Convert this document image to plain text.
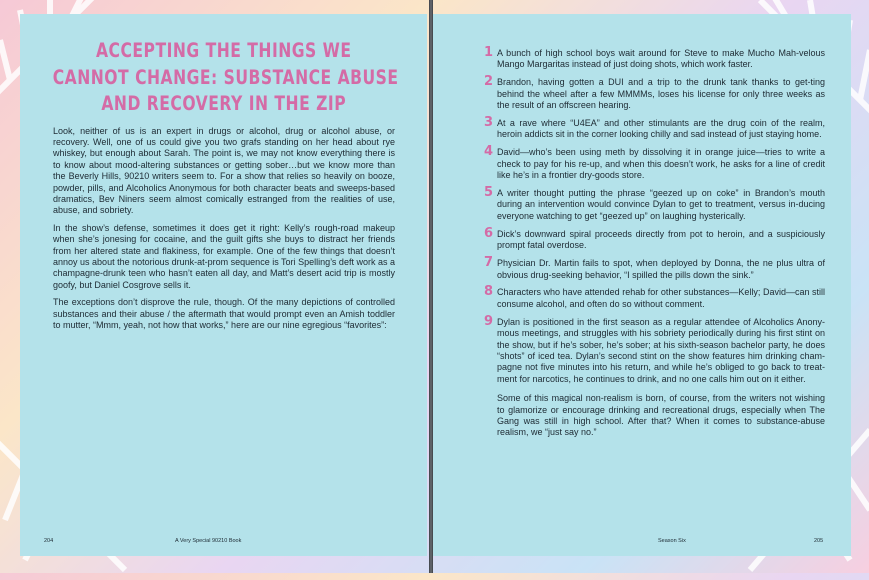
ACCEPTING THE THINGS WE
CANNOT CHANGE: SUBSTANCE ABUSE
AND RECOVERY IN THE ZIP

Look, neither of us is an expert in drugs or alcohol, drug or alcohol abuse, or recovery. Well, one of us could give you two grafs standing on her head about rye whiskey, but enough about Sarah. The point is, we may not know everything there is to know about mood-altering substances or getting sober…but we know more than the Beverly Hills, 90210 writers seem to. For a show that relies so heavily on booze, powder, pills, and Alcoholics Anonymous for both character beats and sweeps-based dramatics, Bev Niners seem almost comically estranged from the realities of use, abuse, and sobriety.

In the show’s defense, sometimes it does get it right: Kelly’s rough-road makeup when she’s jonesing for cocaine, and the guilt gifts she buys to distract her friends from her altered state and flakiness, for example. One of the few things that doesn’t annoy us about the notorious drunk-at-prom sequence is Tori Spelling’s deft work as a champagne-drunk teen who hasn’t eaten all day, and Matt’s desert acid trip is mostly goofy, but Daniel Cosgrove sells it.

The exceptions don’t disprove the rule, though. Of the many depictions of controlled substances and their abuse / the aftermath that would prompt even an Amish toddler to mutter, “Mmm, yeah, not how that works,” here are our nine egregious “favorites”:

204	A Very Special 90210 Book
1 A bunch of high school boys wait around for Steve to make Mucho Mah-velous Mango Margaritas instead of just doing shots, which work faster.
2 Brandon, having gotten a DUI and a trip to the drunk tank thanks to get-ting behind the wheel after a few MMMMs, loses his license for only three weeks as the result of an offscreen hearing.
3 At a rave where “U4EA” and other stimulants are the drug coin of the realm, heroin addicts sit in the corner looking chilly and sad instead of just staying home.
4 David—who’s been using meth by dissolving it in orange juice—tries to write a check to pay for his re-up, and when this doesn’t work, he asks for a line of credit like he’s in a frontier dry-goods store.
5 A writer thought putting the phrase “geezed up on coke” in Brandon’s mouth during an intervention would convince Dylan to get to treatment, versus in-ducing everyone watching to get “geezed up” on laughing hysterically.
6 Dick’s downward spiral proceeds directly from pot to heroin, and a suspiciously prompt fatal overdose.
7 Physician Dr. Martin fails to spot, when deployed by Donna, the ne plus ultra of obvious drug-seeking behavior, “I spilled the pills down the sink.”
8 Characters who have attended rehab for other substances—Kelly; David—can still consume alcohol, and often do so without comment.
9 Dylan is positioned in the first season as a regular attendee of Alcoholics Anony-mous meetings, and struggles with his sobriety periodically during his first stint on the show, but if he’s sober, he’s sober; at his sixth-season bachelor party, he does “shots” of iced tea. Dylan’s second stint on the show features him drinking cham-pagne not five minutes into his return, and while he’s obliged to go back to treat-ment for narcotics, he continues to drink, and no one calls him out on it either.
Some of this magical non-realism is born, of course, from the writers not wishing to glamorize or encourage drinking and recreational drugs, especially when The Gang was still in high school. After that? When it comes to substance-abuse realism, we “just say no.”
Season Six	205
